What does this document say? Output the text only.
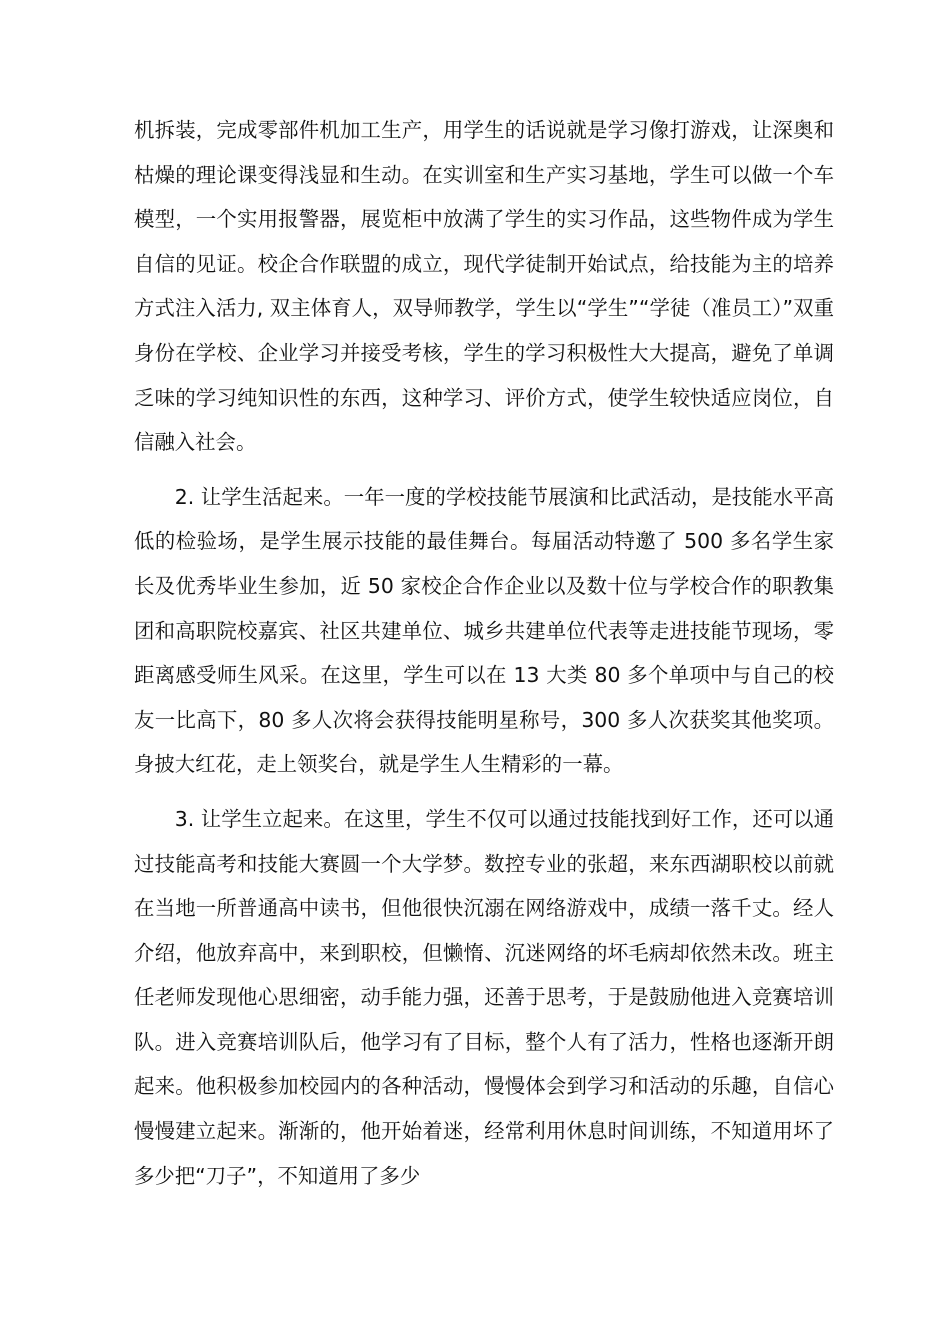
机拆装，完成零部件机加工生产，用学生的话说就是学习像打游戏，让深奥和枯燥的理论课变得浅显和生动。在实训室和生产实习基地，学生可以做一个车模型，一个实用报警器，展览柜中放满了学生的实习作品，这些物件成为学生自信的见证。校企合作联盟的成立，现代学徒制开始试点，给技能为主的培养方式注入活力, 双主体育人，双导师教学，学生以“学生”“学徒（准员工）”双重身份在学校、企业学习并接受考核，学生的学习积极性大大提高，避免了单调乏味的学习纯知识性的东西，这种学习、评价方式，使学生较快适应岗位，自信融入社会。

2. 让学生活起来。一年一度的学校技能节展演和比武活动，是技能水平高低的检验场，是学生展示技能的最佳舞台。每届活动特邀了 500 多名学生家长及优秀毕业生参加，近 50 家校企合作企业以及数十位与学校合作的职教集团和高职院校嘉宾、社区共建单位、城乡共建单位代表等走进技能节现场，零距离感受师生风采。在这里，学生可以在 13 大类 80 多个单项中与自己的校友一比高下，80 多人次将会获得技能明星称号，300 多人次获奖其他奖项。身披大红花，走上领奖台，就是学生人生精彩的一幕。

3. 让学生立起来。在这里，学生不仅可以通过技能找到好工作，还可以通过技能高考和技能大赛圆一个大学梦。数控专业的张超，来东西湖职校以前就在当地一所普通高中读书，但他很快沉溺在网络游戏中，成绩一落千丈。经人介绍，他放弃高中，来到职校，但懒惰、沉迷网络的坏毛病却依然未改。班主任老师发现他心思细密，动手能力强，还善于思考，于是鼓励他进入竞赛培训队。进入竞赛培训队后，他学习有了目标，整个人有了活力，性格也逐渐开朗起来。他积极参加校园内的各种活动，慢慢体会到学习和活动的乐趣，自信心慢慢建立起来。渐渐的，他开始着迷，经常利用休息时间训练，不知道用坏了多少把“刀子”，不知道用了多少
